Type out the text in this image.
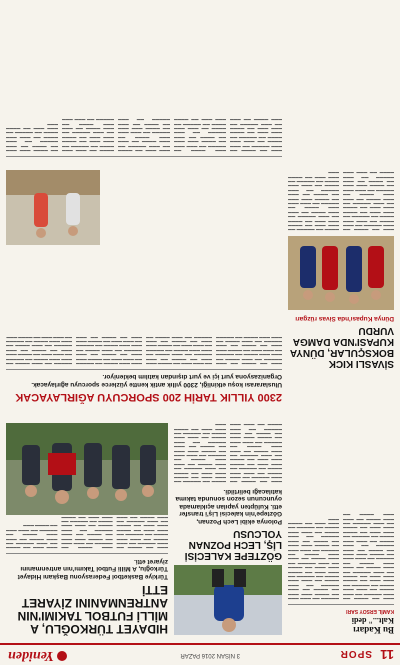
11
SPOR
3 NİSAN 2016 PAZAR
Yeniden
HIDAYET TÜRKOĞLU, A MİLLİ FUTBOL TAKIMI'NIN ANTRENMANINI ZİYARET ETTİ
Türkiye Basketbol Federasyonu Başkanı Hidayet Türkoğlu, A Milli Futbol Takımı'nın antrenmanını ziyaret etti.
▬▬▬ ▬▬ ▬▬▬▬ ▬▬ ▬▬▬ ▬▬▬▬▬ ▬▬ ▬▬▬ ▬▬▬▬ ▬▬ ▬▬▬ ▬▬▬ ▬▬▬▬ ▬▬ ▬▬▬▬▬ ▬▬ ▬▬▬ ▬▬▬ ▬▬ ▬▬▬▬ ▬▬▬ ▬▬▬ ▬▬ ▬▬▬▬ ▬▬ ▬▬▬ ▬▬▬▬▬ ▬▬ ▬▬▬ ▬▬▬▬ ▬▬ ▬▬▬ ▬▬▬ ▬▬▬▬ ▬▬ ▬▬▬▬▬ ▬▬ ▬▬▬ ▬▬▬ ▬▬ ▬▬▬▬ ▬▬▬ ▬▬▬ ▬▬ ▬▬▬▬ ▬▬ ▬▬▬ ▬▬▬▬▬ ▬▬ ▬▬▬ ▬▬▬▬ ▬▬ ▬▬▬ ▬▬▬ ▬▬▬▬ ▬▬ ▬▬▬▬▬ ▬▬ ▬▬▬ ▬▬▬ ▬▬ ▬▬▬▬ ▬▬▬ ▬▬▬ ▬▬ ▬▬▬▬ ▬▬ ▬▬▬ ▬▬▬▬▬ ▬▬ ▬▬▬ ▬▬▬▬ ▬▬ ▬▬▬ ▬▬▬ ▬▬▬▬ ▬▬ ▬▬▬▬▬ ▬▬ ▬▬▬ ▬▬▬ ▬▬ ▬▬▬▬ ▬▬▬
GÖZTEPE KALECİSİ LİŞ, LECH POZNAN YOLCUSU
Polonya ekibi Lech Poznan, Göztepe'nin kalecisi Liş'i transfer etti. Kulüpten yapılan açıklamada oyuncunun sezon sonunda takıma katılacağı belirtildi.
▬▬▬ ▬▬ ▬▬▬▬ ▬▬ ▬▬▬ ▬▬▬▬▬ ▬▬ ▬▬▬ ▬▬▬▬ ▬▬ ▬▬▬ ▬▬▬ ▬▬▬▬ ▬▬ ▬▬▬▬▬ ▬▬ ▬▬▬ ▬▬▬ ▬▬ ▬▬▬▬ ▬▬▬ ▬▬▬ ▬▬ ▬▬▬▬ ▬▬ ▬▬▬ ▬▬▬▬▬ ▬▬ ▬▬▬ ▬▬▬▬ ▬▬ ▬▬▬ ▬▬▬ ▬▬▬▬ ▬▬ ▬▬▬▬▬ ▬▬ ▬▬▬ ▬▬▬ ▬▬ ▬▬▬▬ ▬▬▬ ▬▬▬ ▬▬ ▬▬▬▬ ▬▬ ▬▬▬ ▬▬▬▬▬ ▬▬ ▬▬▬ ▬▬▬▬ ▬▬ ▬▬▬ ▬▬▬ ▬▬▬▬ ▬▬ ▬▬▬▬▬ ▬▬ ▬▬▬ ▬▬▬ ▬▬ ▬▬▬▬ ▬▬▬ ▬▬▬ ▬▬ ▬▬▬▬ ▬▬ ▬▬▬ ▬▬▬▬▬ ▬▬ ▬▬▬ ▬▬▬▬ ▬▬ ▬▬▬ ▬▬▬ ▬▬▬▬ ▬▬ ▬▬▬▬▬ ▬▬ ▬▬▬ ▬▬▬ ▬▬ ▬▬▬▬ ▬▬▬ ▬▬▬ ▬▬ ▬▬▬▬ ▬▬ ▬▬▬ ▬▬▬▬▬ ▬▬ ▬▬▬ ▬▬▬▬ ▬▬ ▬▬▬ ▬▬▬ ▬▬▬▬ ▬▬ ▬▬▬▬▬ ▬▬ ▬▬▬ ▬▬▬ ▬▬ ▬▬▬▬ ▬▬▬
Bu Kadarı
Kalt..." dedi
KAMİL ERSOY SARI
▬▬▬ ▬▬ ▬▬▬▬ ▬▬ ▬▬▬ ▬▬▬▬▬ ▬▬ ▬▬▬ ▬▬▬▬ ▬▬ ▬▬▬ ▬▬▬ ▬▬▬▬ ▬▬ ▬▬▬▬▬ ▬▬ ▬▬▬ ▬▬▬ ▬▬ ▬▬▬▬ ▬▬▬ ▬▬▬ ▬▬ ▬▬▬▬ ▬▬ ▬▬▬ ▬▬▬▬▬ ▬▬ ▬▬▬ ▬▬▬▬ ▬▬ ▬▬▬ ▬▬▬ ▬▬▬▬ ▬▬ ▬▬▬▬▬ ▬▬ ▬▬▬ ▬▬▬ ▬▬ ▬▬▬▬ ▬▬▬ ▬▬▬ ▬▬ ▬▬▬▬ ▬▬ ▬▬▬ ▬▬▬▬▬ ▬▬ ▬▬▬ ▬▬▬▬ ▬▬ ▬▬▬ ▬▬▬ ▬▬▬▬ ▬▬ ▬▬▬▬▬ ▬▬ ▬▬▬ ▬▬▬ ▬▬ ▬▬▬▬ ▬▬▬ ▬▬▬ ▬▬ ▬▬▬▬ ▬▬ ▬▬▬ ▬▬▬▬▬ ▬▬ ▬▬▬ ▬▬▬▬ ▬▬ ▬▬▬ ▬▬▬ ▬▬▬▬ ▬▬ ▬▬▬▬▬ ▬▬ ▬▬▬ ▬▬▬ ▬▬ ▬▬▬▬ ▬▬▬ ▬▬▬ ▬▬ ▬▬▬▬ ▬▬ ▬▬▬ ▬▬▬▬▬ ▬▬ ▬▬▬ ▬▬▬▬ ▬▬ ▬▬▬ ▬▬▬ ▬▬▬▬ ▬▬ ▬▬▬▬▬ ▬▬ ▬▬▬ ▬▬▬ ▬▬ ▬▬▬▬ ▬▬▬ ▬▬▬ ▬▬ ▬▬▬▬ ▬▬ ▬▬▬ ▬▬▬▬▬ ▬▬ ▬▬▬ ▬▬▬▬ ▬▬ ▬▬▬ ▬▬▬ ▬▬▬▬ ▬▬ ▬▬▬▬▬ ▬▬ ▬▬▬ ▬▬▬ ▬▬ ▬▬▬▬ ▬▬▬ ▬▬▬ ▬▬ ▬▬▬▬ ▬▬ ▬▬▬ ▬▬▬▬▬ ▬▬ ▬▬▬ ▬▬▬▬ ▬▬ ▬▬▬ ▬▬▬ ▬▬▬▬ ▬▬ ▬▬▬▬▬ ▬▬ ▬▬▬ ▬▬▬ ▬▬ ▬▬▬▬ ▬▬▬
2300 YILLIK TARİH 200 SPORCUYU AĞIRLAYACAK
Uluslararası koşu etkinliği, 2300 yıllık antik kentte yüzlerce sporcuyu ağırlayacak. Organizasyona yurt içi ve yurt dışından katılım bekleniyor.
▬▬▬ ▬▬ ▬▬▬▬ ▬▬ ▬▬▬ ▬▬▬▬▬ ▬▬ ▬▬▬ ▬▬▬▬ ▬▬ ▬▬▬ ▬▬▬ ▬▬▬▬ ▬▬ ▬▬▬▬▬ ▬▬ ▬▬▬ ▬▬▬ ▬▬ ▬▬▬▬ ▬▬▬ ▬▬▬ ▬▬ ▬▬▬▬ ▬▬ ▬▬▬ ▬▬▬▬▬ ▬▬ ▬▬▬ ▬▬▬▬ ▬▬ ▬▬▬ ▬▬▬ ▬▬▬▬ ▬▬ ▬▬▬▬▬ ▬▬ ▬▬▬ ▬▬▬ ▬▬ ▬▬▬▬ ▬▬▬ ▬▬▬ ▬▬ ▬▬▬▬ ▬▬ ▬▬▬ ▬▬▬▬▬ ▬▬ ▬▬▬ ▬▬▬▬ ▬▬ ▬▬▬ ▬▬▬ ▬▬▬▬ ▬▬ ▬▬▬▬▬ ▬▬ ▬▬▬ ▬▬▬ ▬▬ ▬▬▬▬ ▬▬▬ ▬▬▬ ▬▬ ▬▬▬▬ ▬▬ ▬▬▬ ▬▬▬▬▬ ▬▬ ▬▬▬ ▬▬▬▬ ▬▬ ▬▬▬ ▬▬▬ ▬▬▬▬ ▬▬ ▬▬▬▬▬ ▬▬ ▬▬▬ ▬▬▬ ▬▬ ▬▬▬▬ ▬▬▬ ▬▬▬ ▬▬ ▬▬▬▬ ▬▬ ▬▬▬ ▬▬▬▬▬ ▬▬ ▬▬▬ ▬▬▬▬ ▬▬ ▬▬▬ ▬▬▬ ▬▬▬▬ ▬▬ ▬▬▬▬▬ ▬▬ ▬▬▬ ▬▬▬ ▬▬ ▬▬▬▬ ▬▬▬ ▬▬▬ ▬▬ ▬▬▬▬ ▬▬ ▬▬▬ ▬▬▬▬▬ ▬▬ ▬▬▬ ▬▬▬▬ ▬▬ ▬▬▬ ▬▬▬ ▬▬▬▬ ▬▬ ▬▬▬▬▬ ▬▬ ▬▬▬ ▬▬▬ ▬▬ ▬▬▬▬ ▬▬▬ ▬▬▬ ▬▬ ▬▬▬▬ ▬▬ ▬▬▬ ▬▬▬▬▬ ▬▬ ▬▬▬ ▬▬▬▬ ▬▬ ▬▬▬ ▬▬▬ ▬▬▬▬ ▬▬ ▬▬▬▬▬ ▬▬ ▬▬▬ ▬▬▬ ▬▬ ▬▬▬▬ ▬▬▬
SİVASLI KICK BOKSÇULAR, DÜNYA KUPASI'NDA DAMGA VURDU
Dünya Kupası'nda Sivas rüzgarı
▬▬▬ ▬▬ ▬▬▬▬ ▬▬ ▬▬▬ ▬▬▬▬▬ ▬▬ ▬▬▬ ▬▬▬▬ ▬▬ ▬▬▬ ▬▬▬ ▬▬▬▬ ▬▬ ▬▬▬▬▬ ▬▬ ▬▬▬ ▬▬▬ ▬▬ ▬▬▬▬ ▬▬▬ ▬▬▬ ▬▬ ▬▬▬▬ ▬▬ ▬▬▬ ▬▬▬▬▬ ▬▬ ▬▬▬ ▬▬▬▬ ▬▬ ▬▬▬ ▬▬▬ ▬▬▬▬ ▬▬ ▬▬▬▬▬ ▬▬ ▬▬▬ ▬▬▬ ▬▬ ▬▬▬▬ ▬▬▬ ▬▬▬ ▬▬ ▬▬▬▬ ▬▬ ▬▬▬ ▬▬▬▬▬ ▬▬ ▬▬▬ ▬▬▬▬ ▬▬ ▬▬▬ ▬▬▬ ▬▬▬▬ ▬▬ ▬▬▬▬▬ ▬▬ ▬▬▬ ▬▬▬ ▬▬ ▬▬▬▬ ▬▬▬ ▬▬▬ ▬▬ ▬▬▬▬ ▬▬ ▬▬▬ ▬▬▬▬▬ ▬▬ ▬▬▬ ▬▬▬▬ ▬▬ ▬▬▬ ▬▬▬ ▬▬▬▬ ▬▬ ▬▬▬▬▬ ▬▬ ▬▬▬ ▬▬▬ ▬▬ ▬▬▬▬ ▬▬▬ ▬▬▬ ▬▬ ▬▬▬▬ ▬▬ ▬▬▬ ▬▬▬▬▬ ▬▬ ▬▬▬ ▬▬▬▬ ▬▬ ▬▬▬ ▬▬▬ ▬▬▬▬ ▬▬ ▬▬▬▬▬ ▬▬ ▬▬▬ ▬▬▬ ▬▬ ▬▬▬▬ ▬▬▬
▬▬▬ ▬▬ ▬▬▬▬ ▬▬ ▬▬▬ ▬▬▬▬▬ ▬▬ ▬▬▬ ▬▬▬▬ ▬▬ ▬▬▬ ▬▬▬ ▬▬▬▬ ▬▬ ▬▬▬▬▬ ▬▬ ▬▬▬ ▬▬▬ ▬▬ ▬▬▬▬ ▬▬▬ ▬▬▬ ▬▬ ▬▬▬▬ ▬▬ ▬▬▬ ▬▬▬▬▬ ▬▬ ▬▬▬ ▬▬▬▬ ▬▬ ▬▬▬ ▬▬▬ ▬▬▬▬ ▬▬ ▬▬▬▬▬ ▬▬ ▬▬▬ ▬▬▬ ▬▬ ▬▬▬▬ ▬▬▬ ▬▬▬ ▬▬ ▬▬▬▬ ▬▬ ▬▬▬ ▬▬▬▬▬ ▬▬ ▬▬▬ ▬▬▬▬ ▬▬ ▬▬▬ ▬▬▬ ▬▬▬▬ ▬▬ ▬▬▬▬▬ ▬▬ ▬▬▬ ▬▬▬ ▬▬ ▬▬▬▬ ▬▬▬ ▬▬▬ ▬▬ ▬▬▬▬ ▬▬ ▬▬▬ ▬▬▬▬▬ ▬▬ ▬▬▬ ▬▬▬▬ ▬▬ ▬▬▬ ▬▬▬ ▬▬▬▬ ▬▬ ▬▬▬▬▬ ▬▬ ▬▬▬ ▬▬▬ ▬▬ ▬▬▬▬ ▬▬▬ ▬▬▬ ▬▬ ▬▬▬▬ ▬▬ ▬▬▬ ▬▬▬▬▬ ▬▬ ▬▬▬ ▬▬▬▬ ▬▬ ▬▬▬ ▬▬▬ ▬▬▬▬ ▬▬ ▬▬▬▬▬ ▬▬ ▬▬▬ ▬▬▬ ▬▬ ▬▬▬▬ ▬▬▬ ▬▬▬ ▬▬ ▬▬▬▬ ▬▬ ▬▬▬ ▬▬▬▬▬ ▬▬ ▬▬▬ ▬▬▬▬ ▬▬ ▬▬▬ ▬▬▬ ▬▬▬▬ ▬▬ ▬▬▬▬▬ ▬▬ ▬▬▬ ▬▬▬ ▬▬ ▬▬▬▬ ▬▬▬ ▬▬▬ ▬▬ ▬▬▬▬ ▬▬ ▬▬▬ ▬▬▬▬▬ ▬▬ ▬▬▬ ▬▬▬▬ ▬▬ ▬▬▬ ▬▬▬ ▬▬▬▬ ▬▬ ▬▬▬▬▬ ▬▬ ▬▬▬ ▬▬▬ ▬▬ ▬▬▬▬ ▬▬▬
